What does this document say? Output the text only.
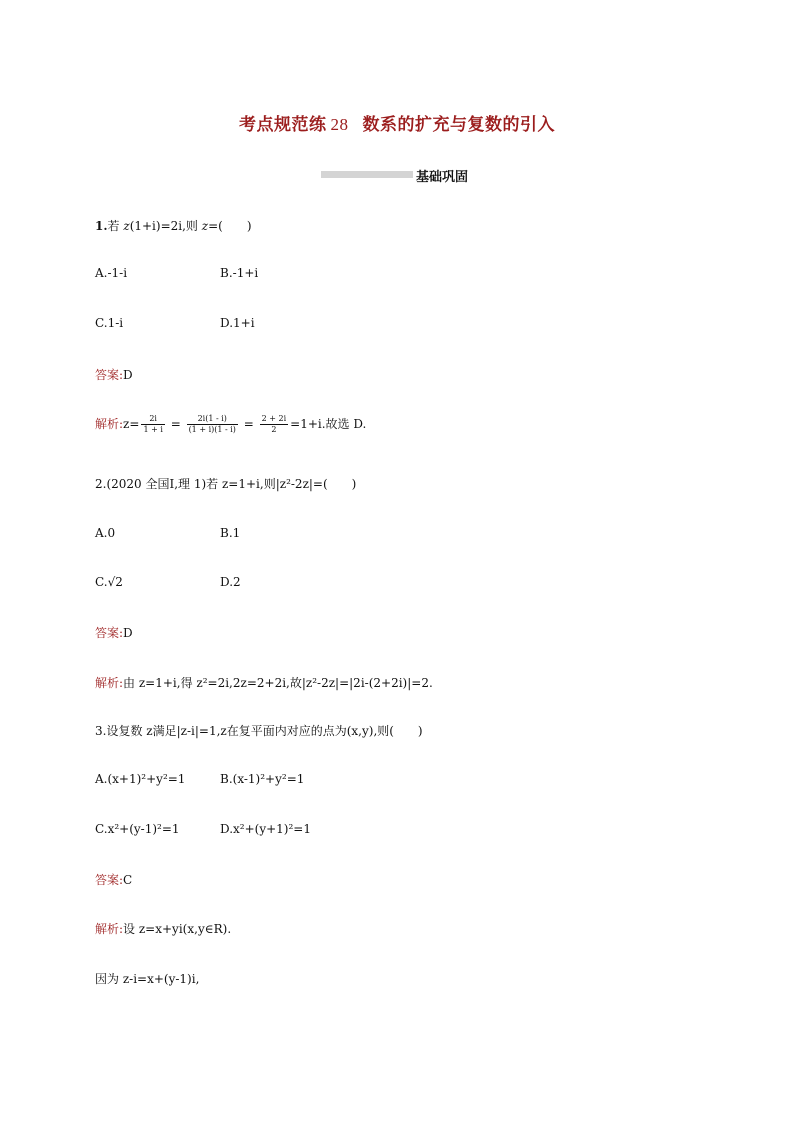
考点规范练 28 数系的扩充与复数的引入
基础巩固
1.若 z(1+i)=2i,则 z=(　　)
A.-1-i	B.-1+i
C.1-i	D.1+i
答案:D
解析:z= $\frac{2i}{1 + i} = \frac{2i(1 - i)}{(1 + i)(1 - i)} = \frac{2 + 2i}{2} =1+i$.故选 D.
2.(2020 全国Ⅰ,理 1)若 z=1+i,则|z²-2z|=(　　)
A.0	B.1
C.√2	D.2
答案:D
解析:由 z=1+i,得 z²=2i,2z=2+2i,故|z²-2z|=|2i-(2+2i)|=2.
3.设复数 z满足|z-i|=1,z在复平面内对应的点为(x,y),则(　　)
A.(x+1)²+y²=1	B.(x-1)²+y²=1
C.x²+(y-1)²=1	D.x²+(y+1)²=1
答案:C
解析:设 z=x+yi(x,y∈R).
因为 z-i=x+(y-1)i,
